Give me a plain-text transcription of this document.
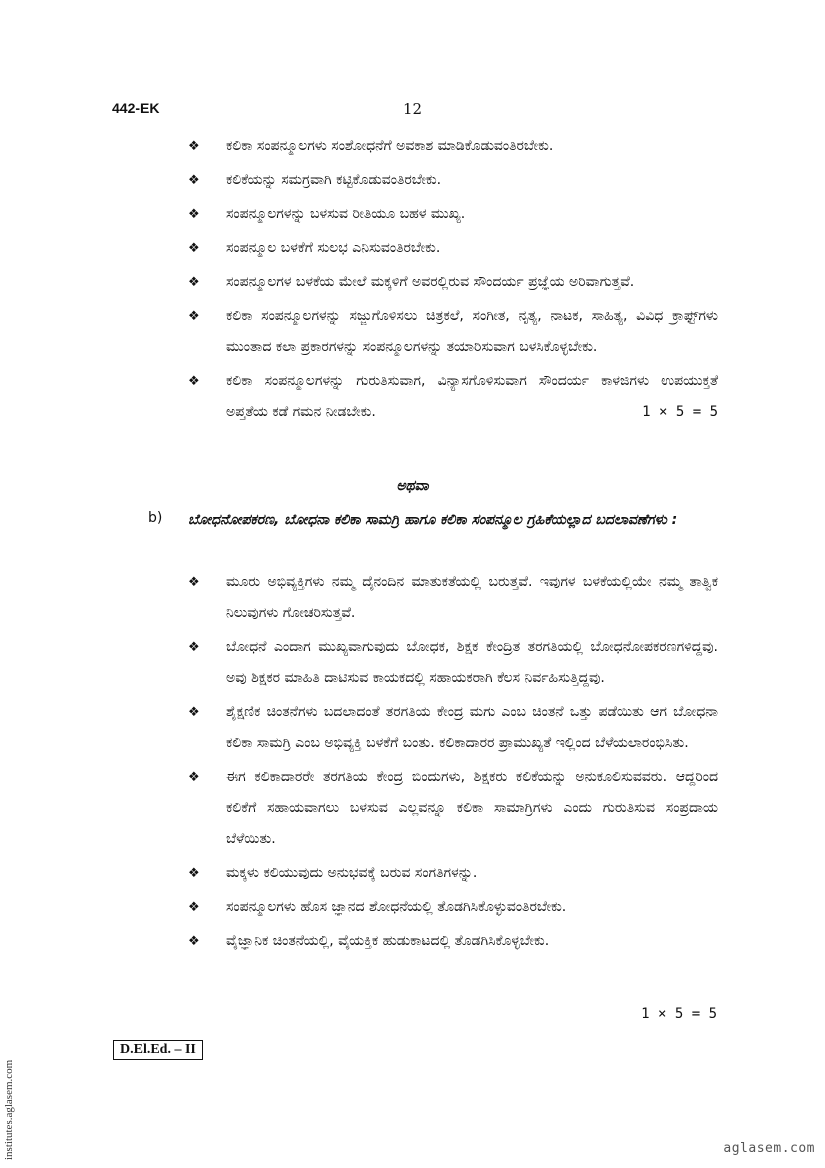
442-EK	12
❖ ಕಲಿಕಾ ಸಂಪನ್ಮೂಲಗಳು ಸಂಶೋಧನೆಗೆ ಅವಕಾಶ ಮಾಡಿಕೊಡುವಂತಿರಬೇಕು.
❖ ಕಲಿಕೆಯನ್ನು ಸಮಗ್ರವಾಗಿ ಕಟ್ಟಿಕೊಡುವಂತಿರಬೇಕು.
❖ ಸಂಪನ್ಮೂಲಗಳನ್ನು ಬಳಸುವ ರೀತಿಯೂ ಬಹಳ ಮುಖ್ಯ.
❖ ಸಂಪನ್ಮೂಲ ಬಳಕೆಗೆ ಸುಲಭ ಎನಿಸುವಂತಿರಬೇಕು.
❖ ಸಂಪನ್ಮೂಲಗಳ ಬಳಕೆಯ ಮೇಲೆ ಮಕ್ಕಳಿಗೆ ಅವರಲ್ಲಿರುವ ಸೌಂದರ್ಯ ಪ್ರಜ್ಞೆಯ ಅರಿವಾಗುತ್ತವೆ.
❖ ಕಲಿಕಾ ಸಂಪನ್ಮೂಲಗಳನ್ನು ಸಜ್ಜುಗೊಳಿಸಲು ಚಿತ್ರಕಲೆ, ಸಂಗೀತ, ನೃತ್ಯ, ನಾಟಕ, ಸಾಹಿತ್ಯ, ವಿವಿಧ ಕ್ರಾಫ್ಟ್‌ಗಳು ಮುಂತಾದ ಕಲಾ ಪ್ರಕಾರಗಳನ್ನು ಸಂಪನ್ಮೂಲಗಳನ್ನು ತಯಾರಿಸುವಾಗ ಬಳಸಿಕೊಳ್ಳಬೇಕು.
❖ ಕಲಿಕಾ ಸಂಪನ್ಮೂಲಗಳನ್ನು ಗುರುತಿಸುವಾಗ, ವಿನ್ಯಾಸಗೊಳಿಸುವಾಗ ಸೌಂದರ್ಯ ಕಾಳಜಿಗಳು ಉಪಯುಕ್ತತೆ ಅಪ್ತತೆಯ ಕಡೆ ಗಮನ ನೀಡಬೇಕು.	1 × 5 = 5
ಅಥವಾ
b) ಬೋಧನೋಪಕರಣ, ಬೋಧನಾ ಕಲಿಕಾ ಸಾಮಗ್ರಿ ಹಾಗೂ ಕಲಿಕಾ ಸಂಪನ್ಮೂಲ ಗ್ರಹಿಕೆಯಲ್ಲಾದ ಬದಲಾವಣೆಗಳು :
❖ ಮೂರು ಅಭಿವ್ಯಕ್ತಿಗಳು ನಮ್ಮ ದೈನಂದಿನ ಮಾತುಕತೆಯಲ್ಲಿ ಬರುತ್ತವೆ. ಇವುಗಳ ಬಳಕೆಯಲ್ಲಿಯೇ ನಮ್ಮ ತಾತ್ವಿಕ ನಿಲುವುಗಳು ಗೋಚರಿಸುತ್ತವೆ.
❖ ಬೋಧನೆ ಎಂದಾಗ ಮುಖ್ಯವಾಗುವುದು ಬೋಧಕ, ಶಿಕ್ಷಕ ಕೇಂದ್ರಿತ ತರಗತಿಯಲ್ಲಿ ಬೋಧನೋಪಕರಣಗಳಿದ್ದವು. ಅವು ಶಿಕ್ಷಕರ ಮಾಹಿತಿ ದಾಟಿಸುವ ಕಾಯಕದಲ್ಲಿ ಸಹಾಯಕರಾಗಿ ಕೆಲಸ ನಿರ್ವಹಿಸುತ್ತಿದ್ದವು.
❖ ಶೈಕ್ಷಣಿಕ ಚಿಂತನೆಗಳು ಬದಲಾದಂತೆ ತರಗತಿಯ ಕೇಂದ್ರ ಮಗು ಎಂಬ ಚಿಂತನೆ ಒತ್ತು ಪಡೆಯಿತು ಆಗ ಬೋಧನಾ ಕಲಿಕಾ ಸಾಮಗ್ರಿ ಎಂಬ ಅಭಿವ್ಯಕ್ತಿ ಬಳಕೆಗೆ ಬಂತು. ಕಲಿಕಾದಾರರ ಪ್ರಾಮುಖ್ಯತೆ ಇಲ್ಲಿಂದ ಬೆಳೆಯಲಾರಂಭಿಸಿತು.
❖ ಈಗ ಕಲಿಕಾದಾರರೇ ತರಗತಿಯ ಕೇಂದ್ರ ಬಿಂದುಗಳು, ಶಿಕ್ಷಕರು ಕಲಿಕೆಯನ್ನು ಅನುಕೂಲಿಸುವವರು. ಆದ್ದರಿಂದ ಕಲಿಕೆಗೆ ಸಹಾಯವಾಗಲು ಬಳಸುವ ಎಲ್ಲವನ್ನೂ ಕಲಿಕಾ ಸಾಮಾಗ್ರಿಗಳು ಎಂದು ಗುರುತಿಸುವ ಸಂಪ್ರದಾಯ ಬೆಳೆಯಿತು.
❖ ಮಕ್ಕಳು ಕಲಿಯುವುದು ಅನುಭವಕ್ಕೆ ಬರುವ ಸಂಗತಿಗಳನ್ನು.
❖ ಸಂಪನ್ಮೂಲಗಳು ಹೊಸ ಜ್ಞಾನದ ಶೋಧನೆಯಲ್ಲಿ ತೊಡಗಿಸಿಕೊಳ್ಳುವಂತಿರಬೇಕು.
❖ ವೈಜ್ಞಾನಿಕ ಚಿಂತನೆಯಲ್ಲಿ, ವೈಯಕ್ತಿಕ ಹುಡುಕಾಟದಲ್ಲಿ ತೊಡಗಿಸಿಕೊಳ್ಳಬೇಕು.
1 × 5 = 5
D.El.Ed. – II
institutes.aglasem.com	aglasem.com
